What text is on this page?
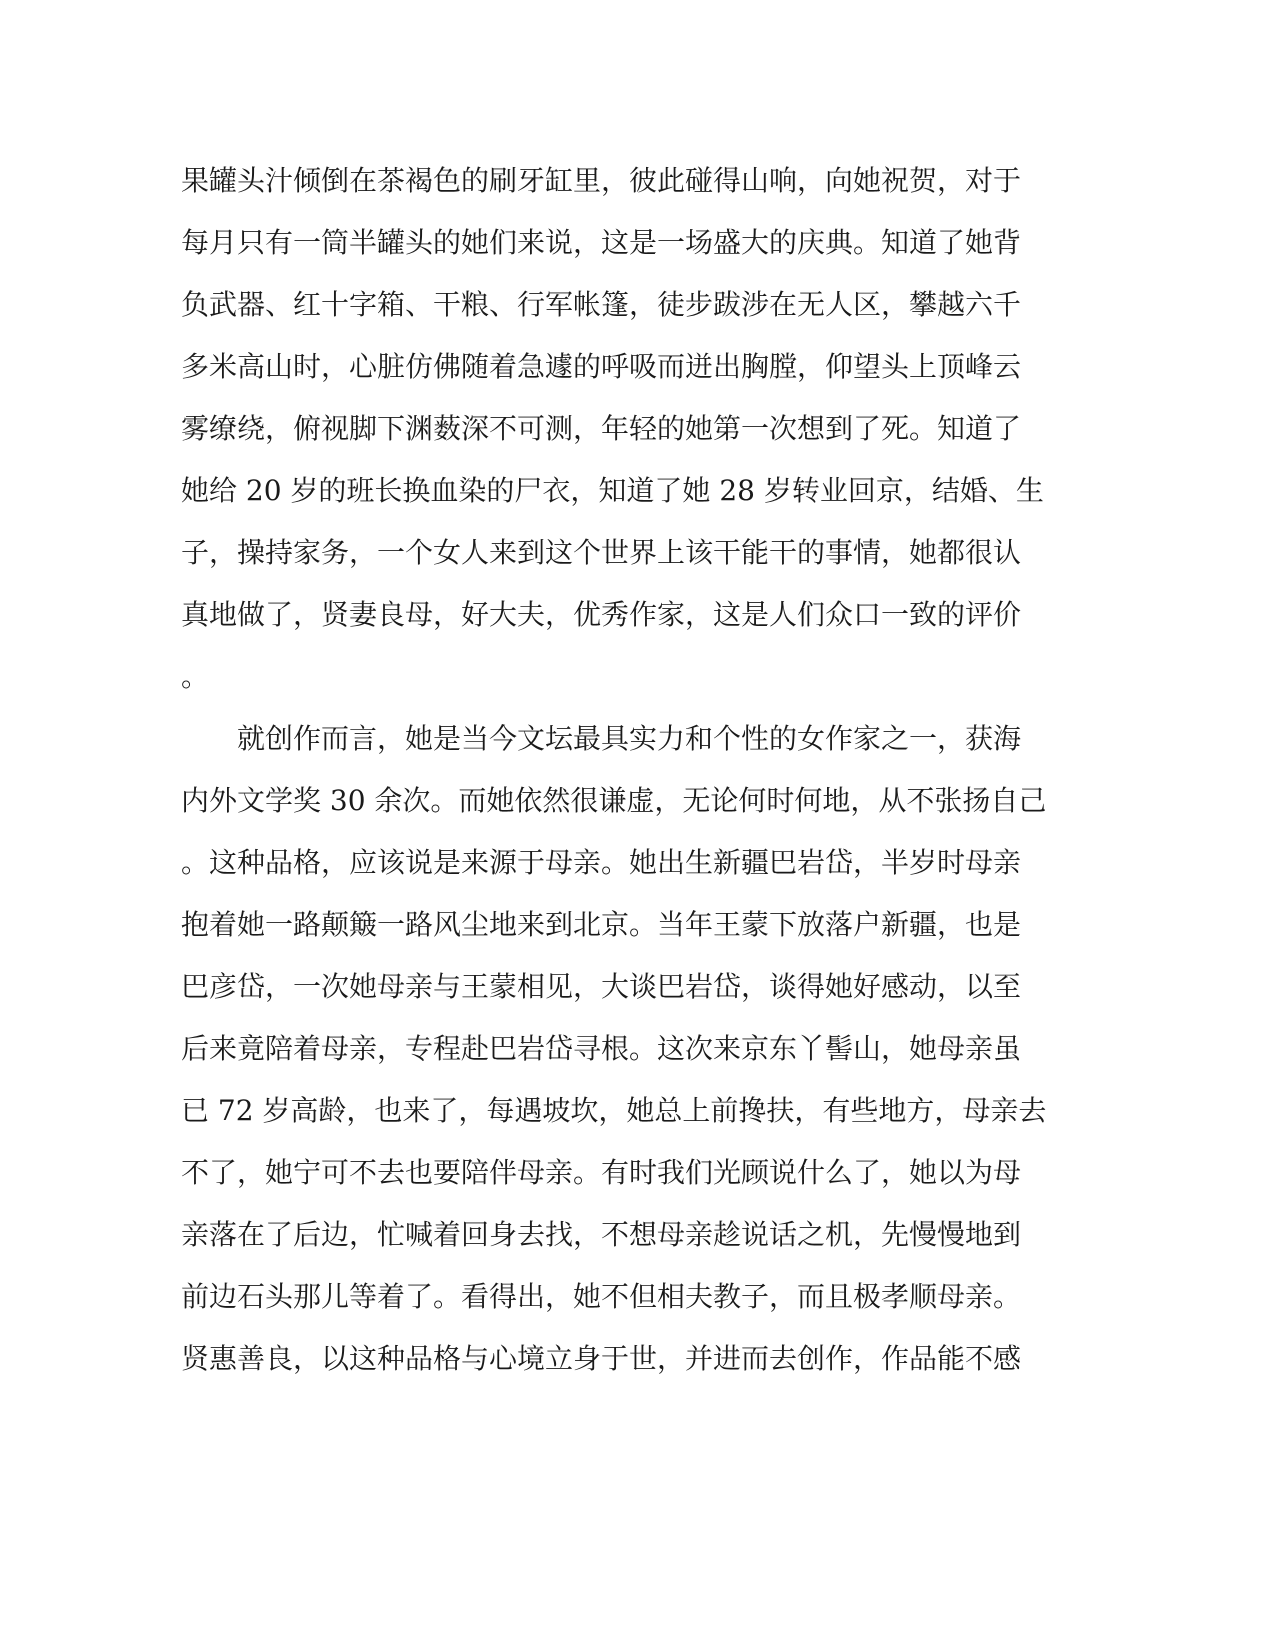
果罐头汁倾倒在茶褐色的刷牙缸里，彼此碰得山响，向她祝贺，对于
每月只有一筒半罐头的她们来说，这是一场盛大的庆典。知道了她背
负武器、红十字箱、干粮、行军帐篷，徒步跋涉在无人区，攀越六千
多米高山时，心脏仿佛随着急遽的呼吸而迸出胸膛，仰望头上顶峰云
雾缭绕，俯视脚下渊薮深不可测，年轻的她第一次想到了死。知道了
她给 20 岁的班长换血染的尸衣，知道了她 28 岁转业回京，结婚、生
子，操持家务，一个女人来到这个世界上该干能干的事情，她都很认
真地做了，贤妻良母，好大夫，优秀作家，这是人们众口一致的评价
。
　　就创作而言，她是当今文坛最具实力和个性的女作家之一，获海
内外文学奖 30 余次。而她依然很谦虚，无论何时何地，从不张扬自己
。这种品格，应该说是来源于母亲。她出生新疆巴岩岱，半岁时母亲
抱着她一路颠簸一路风尘地来到北京。当年王蒙下放落户新疆，也是
巴彦岱，一次她母亲与王蒙相见，大谈巴岩岱，谈得她好感动，以至
后来竟陪着母亲，专程赴巴岩岱寻根。这次来京东丫髻山，她母亲虽
已 72 岁高龄，也来了，每遇坡坎，她总上前搀扶，有些地方，母亲去
不了，她宁可不去也要陪伴母亲。有时我们光顾说什么了，她以为母
亲落在了后边，忙喊着回身去找，不想母亲趁说话之机，先慢慢地到
前边石头那儿等着了。看得出，她不但相夫教子，而且极孝顺母亲。
贤惠善良，以这种品格与心境立身于世，并进而去创作，作品能不感
